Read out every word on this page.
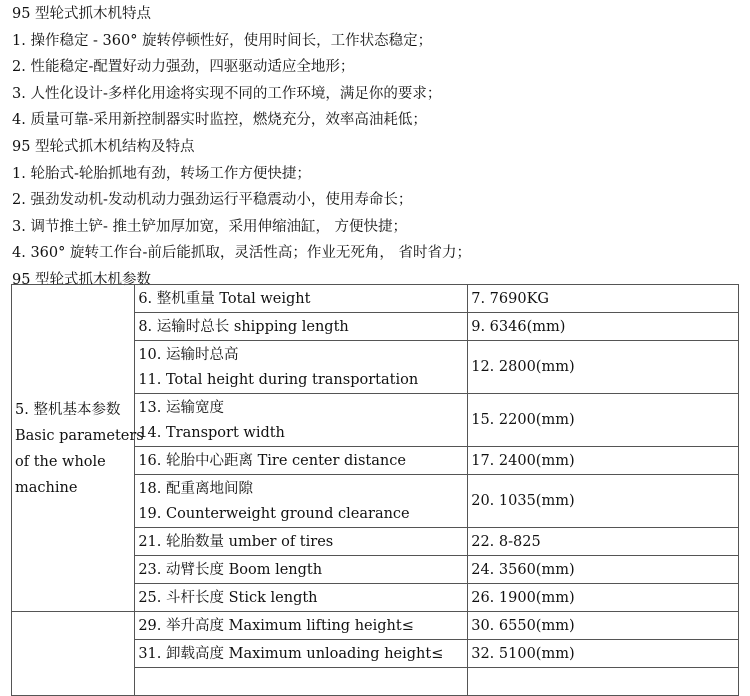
95 型轮式抓木机特点
1. 操作稳定 - 360° 旋转停顿性好，使用时间长，工作状态稳定；
2. 性能稳定-配置好动力强劲，四驱驱动适应全地形；
3. 人性化设计-多样化用途将实现不同的工作环境，满足你的要求；
4. 质量可靠-采用新控制器实时监控，燃烧充分，效率高油耗低；
95 型轮式抓木机结构及特点
1. 轮胎式-轮胎抓地有劲，转场工作方便快捷；
2. 强劲发动机-发动机动力强劲运行平稳震动小，使用寿命长；
3. 调节推土铲- 推土铲加厚加宽，采用伸缩油缸， 方便快捷；
4. 360° 旋转工作台-前后能抓取，灵活性高；作业无死角， 省时省力；
95 型轮式抓木机参数
5. 整机基本参数
Basic parameters
of the whole
machine	6. 整机重量 Total weight	7. 7690KG

	8. 运输时总长 shipping length	9. 6346(mm)

	10. 运输时总高
11. Total height during transportation	12. 2800(mm)

	13. 运输宽度
14. Transport width	15. 2200(mm)

	16. 轮胎中心距离 Tire center distance	17. 2400(mm)

	18. 配重离地间隙
19. Counterweight ground clearance	20. 1035(mm)

	21. 轮胎数量 umber of tires	22. 8-825

	23. 动臂长度 Boom length	24. 3560(mm)

	25. 斗杆长度 Stick length	26. 1900(mm)

	29. 举升高度 Maximum lifting height≤	30. 6550(mm)

	31. 卸载高度 Maximum unloading height≤	32. 5100(mm)
